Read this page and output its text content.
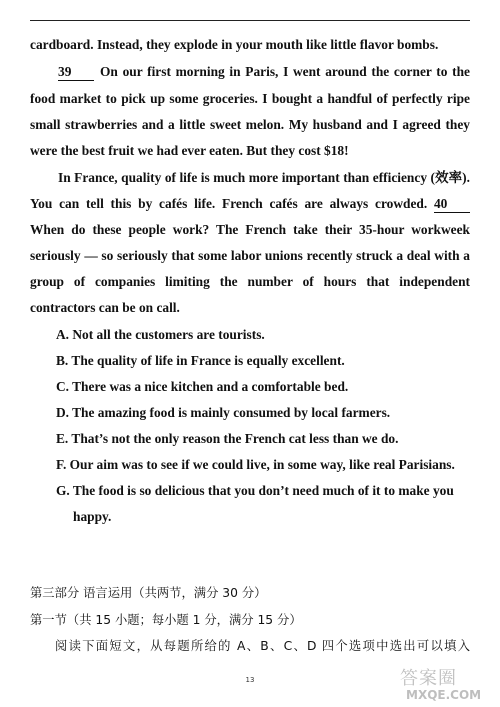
cardboard. Instead, they explode in your mouth like little flavor bombs.
39 On our first morning in Paris, I went around the corner to the
food market to pick up some groceries. I bought a handful of perfectly ripe
small strawberries and a little sweet melon. My husband and I agreed they
were the best fruit we had ever eaten. But they cost $18!
In France, quality of life is much more important than efficiency (效率).
You can tell this by cafés life. French cafés are always crowded. 40
When do these people work? The French take their 35-hour workweek
seriously — so seriously that some labor unions recently struck a deal with a
group of companies limiting the number of hours that independent
contractors can be on call.
A. Not all the customers are tourists.
B. The quality of life in France is equally excellent.
C. There was a nice kitchen and a comfortable bed.
D. The amazing food is mainly consumed by local farmers.
E. That’s not the only reason the French cat less than we do.
F. Our aim was to see if we could live, in some way, like real Parisians.
G. The food is so delicious that you don’t need much of it to make you
happy.
第三部分 语言运用（共两节，满分 30 分）
第一节（共 15 小题；每小题 1 分，满分 15 分）
阅读下面短文，从每题所给的 A、B、C、D 四个选项中选出可以填入
13	答案圈
MXQE.COM
